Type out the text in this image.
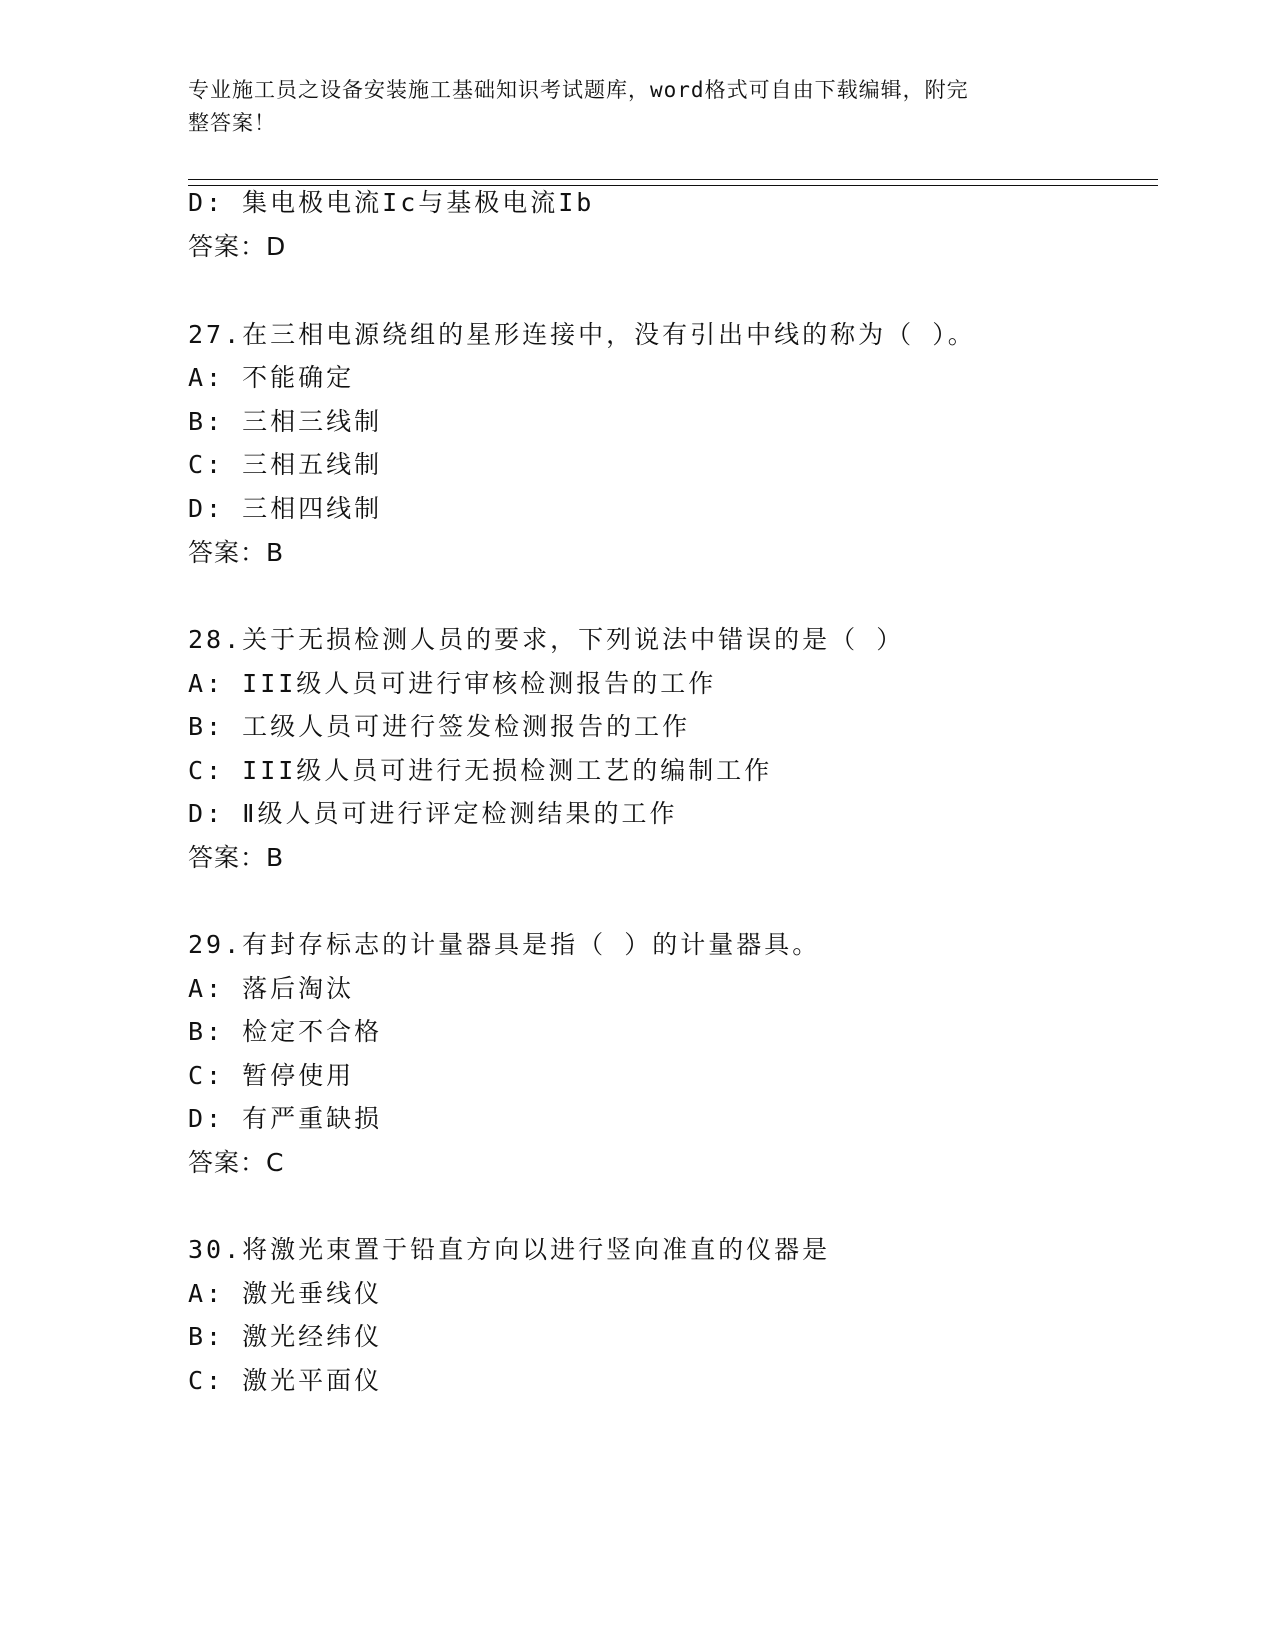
专业施工员之设备安装施工基础知识考试题库，word格式可自由下载编辑，附完
整答案！
D: 集电极电流Ic与基极电流Ib
答案：D
27.在三相电源绕组的星形连接中，没有引出中线的称为（ ）。
A: 不能确定
B: 三相三线制
C: 三相五线制
D: 三相四线制
答案：B
28.关于无损检测人员的要求，下列说法中错误的是（ ）
A: III级人员可进行审核检测报告的工作
B: 工级人员可进行签发检测报告的工作
C: III级人员可进行无损检测工艺的编制工作
D: Ⅱ级人员可进行评定检测结果的工作
答案：B
29.有封存标志的计量器具是指（ ）的计量器具。
A: 落后淘汰
B: 检定不合格
C: 暂停使用
D: 有严重缺损
答案：C
30.将激光束置于铅直方向以进行竖向准直的仪器是
A: 激光垂线仪
B: 激光经纬仪
C: 激光平面仪
